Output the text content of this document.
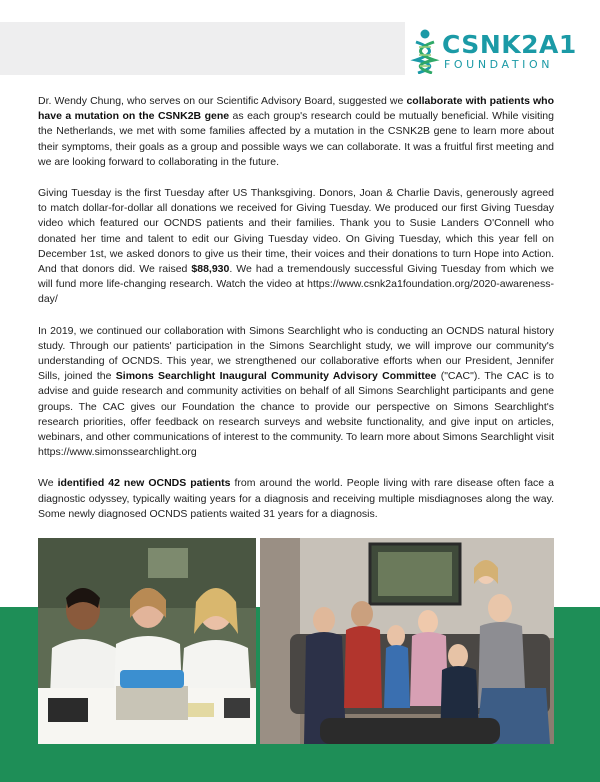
CSNK2A1
FOUNDATION

Dr. Wendy Chung, who serves on our Scientific Advisory Board, suggested we collaborate with patients who have a mutation on the CSNK2B gene as each group's research could be mutually beneficial. While visiting the Netherlands, we met with some families affected by a mutation in the CSNK2B gene to learn more about their symptoms, their goals as a group and possible ways we can collaborate. It was a fruitful first meeting and we are looking forward to collaborating in the future.

Giving Tuesday is the first Tuesday after US Thanksgiving. Donors, Joan & Charlie Davis, generously agreed to match dollar-for-dollar all donations we received for Giving Tuesday. We produced our first Giving Tuesday video which featured our OCNDS patients and their families. Thank you to Susie Landers O'Connell who donated her time and talent to edit our Giving Tuesday video. On Giving Tuesday, which this year fell on December 1st, we asked donors to give us their time, their voices and their donations to turn Hope into Action. And that donors did. We raised $88,930. We had a tremendously successful Giving Tuesday from which we will fund more life-changing research. Watch the video at https://www.csnk2a1foundation.org/2020-awareness-day/

In 2019, we continued our collaboration with Simons Searchlight who is conducting an OCNDS natural history study. Through our patients' participation in the Simons Searchlight study, we will improve our community's understanding of OCNDS. This year, we strengthened our collaborative efforts when our President, Jennifer Sills, joined the Simons Searchlight Inaugural Community Advisory Committee ("CAC"). The CAC is to advise and guide research and community activities on behalf of all Simons Searchlight participants and gene groups. The CAC gives our Foundation the chance to provide our perspective on Simons Searchlight's research priorities, offer feedback on research surveys and website functionality, and give input on articles, webinars, and other communications of interest to the community. To learn more about Simons Searchlight visit https://www.simonssearchlight.org

We identified 42 new OCNDS patients from around the world. People living with rare disease often face a diagnostic odyssey, typically waiting years for a diagnosis and receiving multiple misdiagnoses along the way. Some newly diagnosed OCNDS patients waited 31 years for a diagnosis.
